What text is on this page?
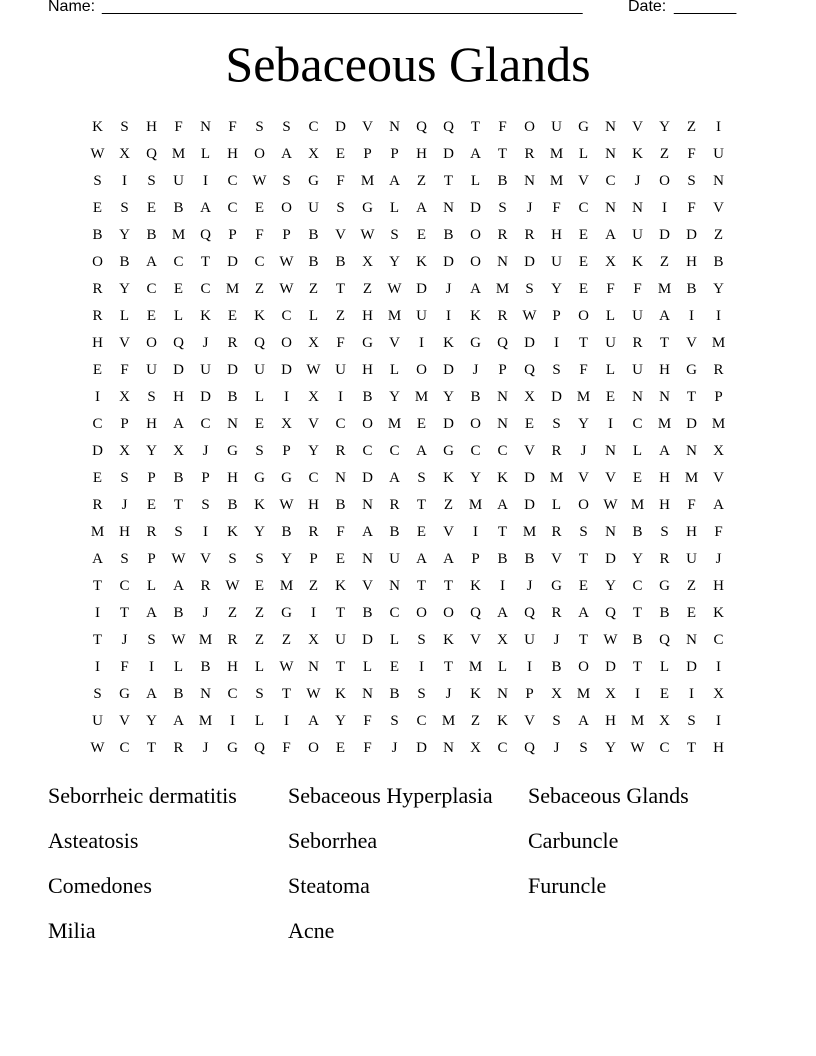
Name: ______________________________________________________	Date: _______
Sebaceous Glands
K	S	H	F	N	F	S	S	C	D	V	N	Q	Q	T	F	O	U	G	N	V	Y	Z	I
W X	Q M	L	H	O	A	X	E	P	P	H	D	A	T	R	M	L	N	K	Z	F	U
S	I	S	U	I	C W	S	G	F	M A	Z	T	L	B	N M V	C	J	O	S	N
E	S	E	B	A	C	E	O	U	S	G	L	A	N	D	S	J	F	C	N	N	I	F	V
B	Y	B	M Q	P	F	P	B	V W	S	E	B	O	R	R	H	E	A	U	D	D	Z
O	B	A	C	T	D	C W B	B	X	Y	K	D	O	N	D	U	E	X	K	Z	H	B
R	Y	C	E	C	M	Z	W	Z	T	Z	W D	J	A M	S	Y	E	F	F	M	B	Y
R	L	E	L	K	E	K	C	L	Z	H M U	I	K	R W	P	O	L	U	A	I	I
H	V	O	Q	J	R	Q	O	X	F	G	V	I	K	G	Q	D	I	T	U	R	T	V M
E	F	U	D	U	D	U	D W U	H	L	O	D	J	P	Q	S	F	L	U	H	G	R
I	X	S	H	D	B	L	I	X	I	B	Y M Y	B	N	X	D M	E	N	N	T	P
C	P	H	A	C	N	E	X	V	C	O M	E	D	O	N	E	S	Y	I	C	M D M
D	X	Y	X	J	G	S	P	Y	R	C	C	A	G	C	C	V	R	J	N	L	A	N	X
E	S	P	B	P	H	G	G	C	N	D	A	S	K	Y	K	D M V	V	E	H M V
R	J	E	T	S	B	K W H	B	N	R	T	Z	M A	D	L	O W M H	F	A
M H	R	S	I	K	Y	B	R	F	A	B	E	V	I	T	M	R	S	N	B	S	H	F
A	S	P	W V	S	S	Y	P	E	N	U	A	A	P	B	B	V	T	D	Y	R	U	J
T	C	L	A	R W	E	M	Z	K	V	N	T	T	K	I	J	G	E	Y	C	G	Z	H
I	T	A	B	J	Z	Z	G	I	T	B	C	O	O	Q	A	Q	R	A	Q	T	B	E	K
T	J	S	W M	R	Z	Z	X	U	D	L	S	K	V	X	U	J	T	W B	Q	N	C
I	F	I	L	B	H	L	W N	T	L	E	I	T	M	L	I	B	O	D	T	L	D	I
S	G	A	B	N	C	S	T	W K	N	B	S	J	K	N	P	X M X	I	E	I	X
U	V	Y	A M	I	L	I	A	Y	F	S	C	M	Z	K	V	S	A	H M X	S	I
W C	T	R	J	G	Q	F	O	E	F	J	D	N	X	C	Q	J	S	Y W C	T	H
Seborrheic dermatitis	Sebaceous Hyperplasia	Sebaceous Glands
Asteatosis	Seborrhea	Carbuncle
Comedones	Steatoma	Furuncle
Milia	Acne
